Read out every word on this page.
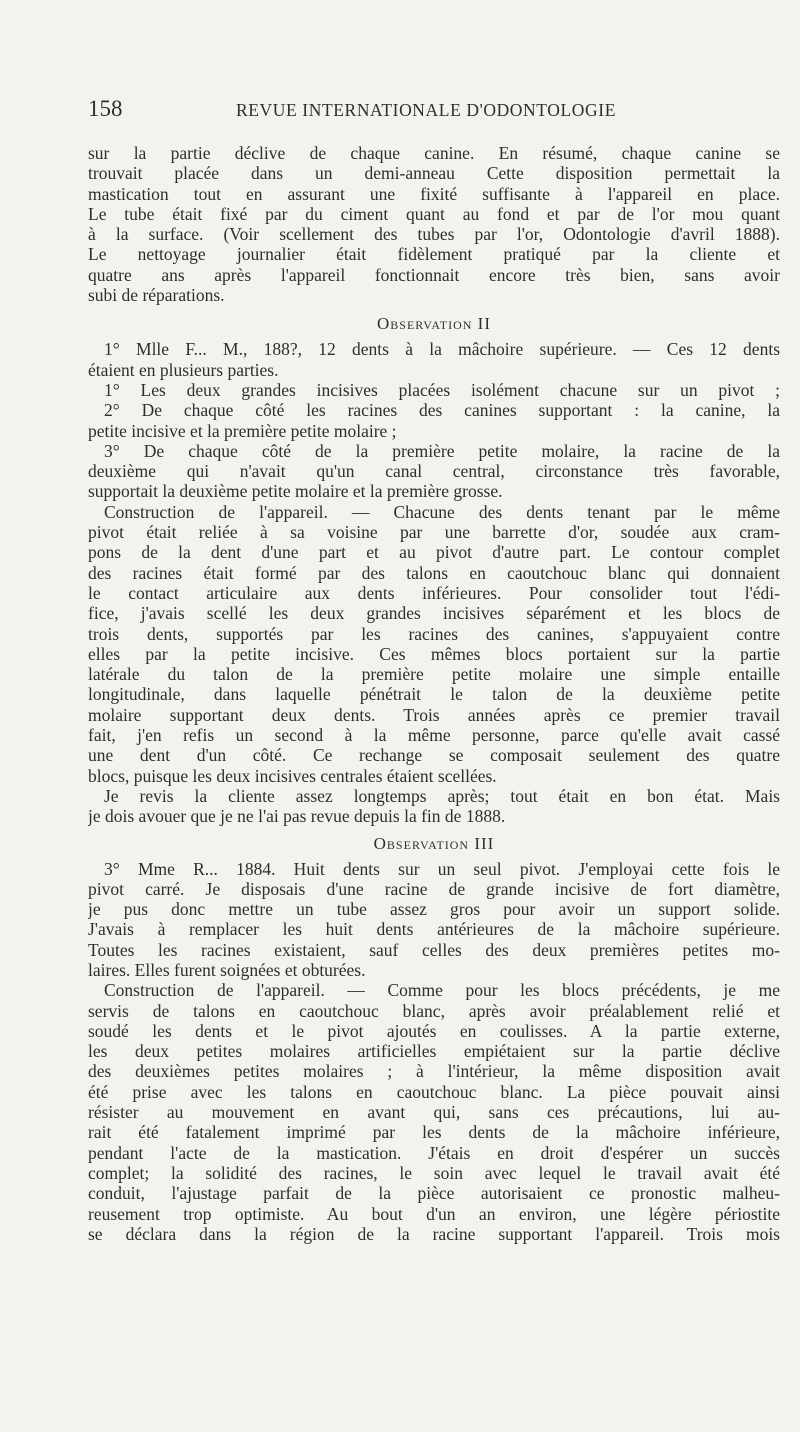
158	REVUE INTERNATIONALE D'ODONTOLOGIE
sur la partie déclive de chaque canine. En résumé, chaque canine se
trouvait placée dans un demi-anneau Cette disposition permettait la
mastication tout en assurant une fixité suffisante à l'appareil en place.
Le tube était fixé par du ciment quant au fond et par de l'or mou quant
à la surface. (Voir scellement des tubes par l'or, Odontologie d'avril 1888).
Le nettoyage journalier était fidèlement pratiqué par la cliente et
quatre ans après l'appareil fonctionnait encore très bien, sans avoir
subi de réparations.
Observation II
1° Mlle F... M., 188?, 12 dents à la mâchoire supérieure. — Ces 12 dents
étaient en plusieurs parties.
1° Les deux grandes incisives placées isolément chacune sur un pivot ;
2° De chaque côté les racines des canines supportant : la canine, la
petite incisive et la première petite molaire ;
3° De chaque côté de la première petite molaire, la racine de la
deuxième qui n'avait qu'un canal central, circonstance très favorable,
supportait la deuxième petite molaire et la première grosse.
Construction de l'appareil. — Chacune des dents tenant par le même
pivot était reliée à sa voisine par une barrette d'or, soudée aux cram-
pons de la dent d'une part et au pivot d'autre part. Le contour complet
des racines était formé par des talons en caoutchouc blanc qui donnaient
le contact articulaire aux dents inférieures. Pour consolider tout l'édi-
fice, j'avais scellé les deux grandes incisives séparément et les blocs de
trois dents, supportés par les racines des canines, s'appuyaient contre
elles par la petite incisive. Ces mêmes blocs portaient sur la partie
latérale du talon de la première petite molaire une simple entaille
longitudinale, dans laquelle pénétrait le talon de la deuxième petite
molaire supportant deux dents. Trois années après ce premier travail
fait, j'en refis un second à la même personne, parce qu'elle avait cassé
une dent d'un côté. Ce rechange se composait seulement des quatre
blocs, puisque les deux incisives centrales étaient scellées.
Je revis la cliente assez longtemps après; tout était en bon état. Mais
je dois avouer que je ne l'ai pas revue depuis la fin de 1888.
Observation III
3° Mme R... 1884. Huit dents sur un seul pivot. J'employai cette fois le
pivot carré. Je disposais d'une racine de grande incisive de fort diamètre,
je pus donc mettre un tube assez gros pour avoir un support solide.
J'avais à remplacer les huit dents antérieures de la mâchoire supérieure.
Toutes les racines existaient, sauf celles des deux premières petites mo-
laires. Elles furent soignées et obturées.
Construction de l'appareil. — Comme pour les blocs précédents, je me
servis de talons en caoutchouc blanc, après avoir préalablement relié et
soudé les dents et le pivot ajoutés en coulisses. A la partie externe,
les deux petites molaires artificielles empiétaient sur la partie déclive
des deuxièmes petites molaires ; à l'intérieur, la même disposition avait
été prise avec les talons en caoutchouc blanc. La pièce pouvait ainsi
résister au mouvement en avant qui, sans ces précautions, lui au-
rait été fatalement imprimé par les dents de la mâchoire inférieure,
pendant l'acte de la mastication. J'étais en droit d'espérer un succès
complet; la solidité des racines, le soin avec lequel le travail avait été
conduit, l'ajustage parfait de la pièce autorisaient ce pronostic malheu-
reusement trop optimiste. Au bout d'un an environ, une légère périostite
se déclara dans la région de la racine supportant l'appareil. Trois mois
